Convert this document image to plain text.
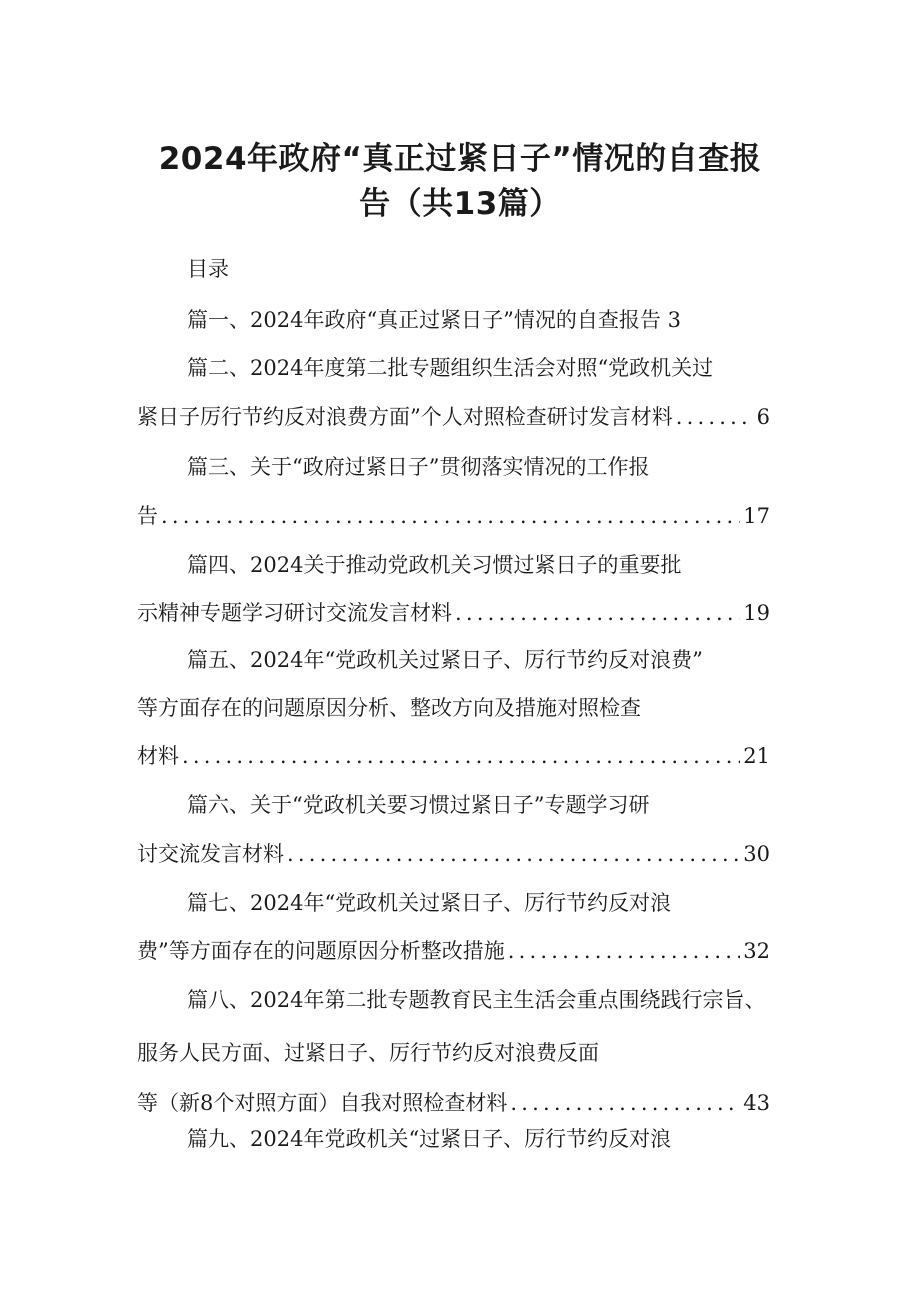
2024年政府“真正过紧日子”情况的自查报
告（共13篇）
目录
篇一、2024年政府“真正过紧日子”情况的自查报告 3
篇二、2024年度第二批专题组织生活会对照“党政机关过
紧日子厉行节约反对浪费方面”个人对照检查研讨发言材料 .....	6
篇三、关于“政府过紧日子”贯彻落实情况的工作报
告 .....	17
篇四、2024关于推动党政机关习惯过紧日子的重要批
示精神专题学习研讨交流发言材料 .....	19
篇五、2024年“党政机关过紧日子、厉行节约反对浪费”
等方面存在的问题原因分析、整改方向及措施对照检查
材料 .....	21
篇六、关于“党政机关要习惯过紧日子”专题学习研
讨交流发言材料 .....	30
篇七、2024年“党政机关过紧日子、厉行节约反对浪
费”等方面存在的问题原因分析整改措施 .....	32
篇八、2024年第二批专题教育民主生活会重点围绕践行宗旨、
服务人民方面、过紧日子、厉行节约反对浪费反面
等（新8个对照方面）自我对照检查材料 .....	43
篇九、2024年党政机关“过紧日子、厉行节约反对浪
